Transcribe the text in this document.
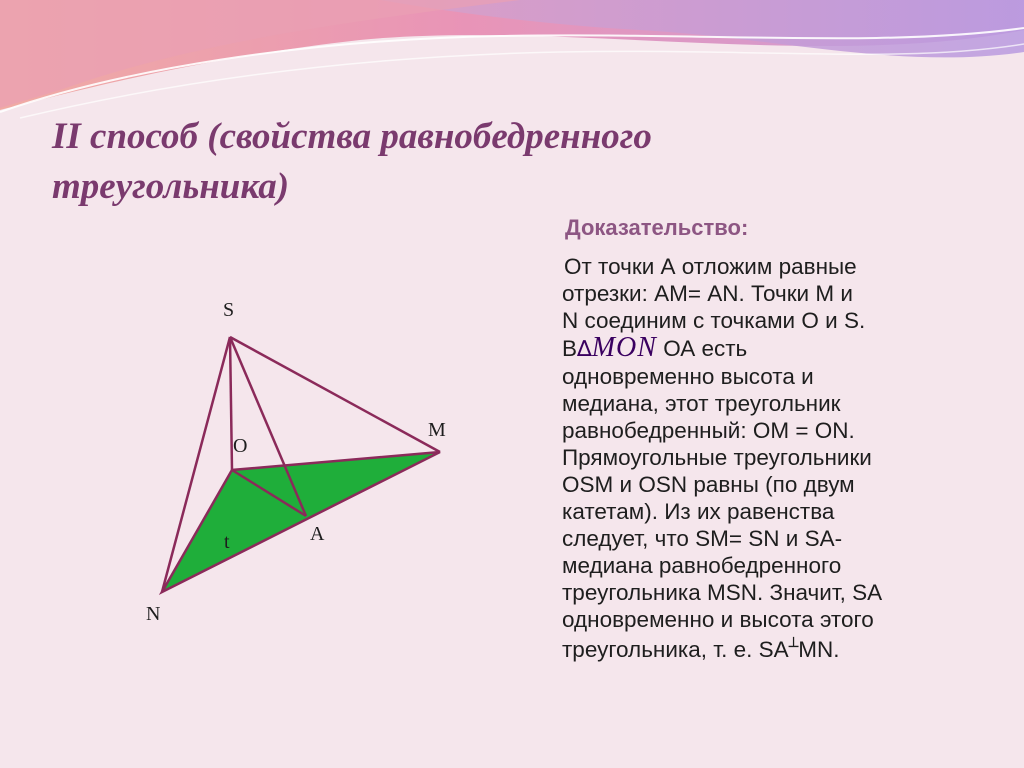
II способ (свойства равнобедренного
треугольника)
Доказательство:
От точки А отложим равные
отрезки: АМ= АN. Точки М и
N соединим с точками О и S.
В∆MON ОА есть
одновременно высота и
медиана, этот треугольник
равнобедренный: ОМ = ОN.
Прямоугольные треугольники
OSM и OSN равны (по двум
катетам). Из их равенства
следует, что SM= SN и SA-
медиана равнобедренного
треугольника МSN. Значит, SA
одновременно и высота этого
треугольника, т. е. SA┴MN.
S
O
M
A
t
N
